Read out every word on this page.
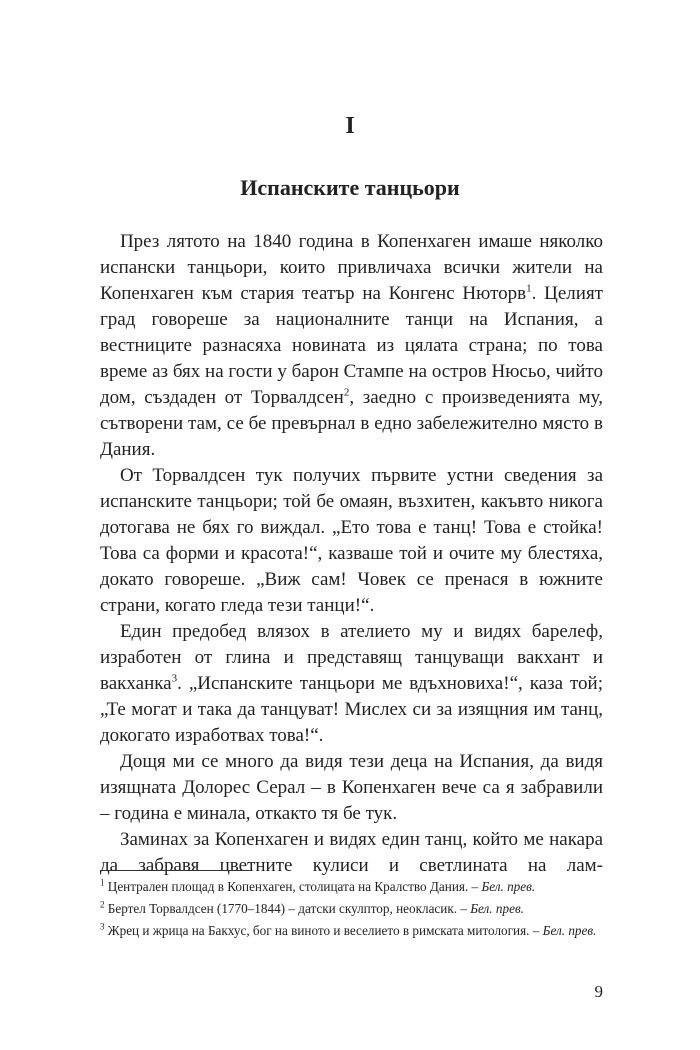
I
Испанските танцьори

През лятото на 1840 година в Копенхаген имаше няколко испански танцьори, които привличаха всички жители на Копенхаген към стария театър на Конгенс Нюторв$^1$. Целият град говореше за националните танци на Испания, а вестниците разнасяха новината из цялата страна; по това време аз бях на гости у барон Стампе на остров Нюсьо, чийто дом, създаден от Торвалдсен$^2$, заедно с произведенията му, сътворени там, се бе превърнал в едно забележително място в Дания.

От Торвалдсен тук получих първите устни сведения за испанските танцьори; той бе омаян, възхитен, какъвто никога дотогава не бях го виждал. „Ето това е танц! Това е стойка! Това са форми и красота!“, казваше той и очите му блестяха, докато говореше. „Виж сам! Човек се пренася в южните страни, когато гледа тези танци!“.

Един предобед влязох в ателието му и видях барелеф, изработен от глина и представящ танцуващи вакхант и вакханка$^3$. „Испанските танцьори ме вдъхновиха!“, каза той; „Те могат и така да танцуват! Мислех си за изящния им танц, докогато изработвах това!“.

Дощя ми се много да видя тези деца на Испания, да видя изящната Долорес Серал – в Копенхаген вече са я забравили – година е минала, откакто тя бе тук.

Заминах за Копенхаген и видях един танц, който ме накара да забравя цветните кулиси и светлината на лам-

$^1$ Централен площад в Копенхаген, столицата на Кралство Дания. – Бел. прев.

$^2$ Бертел Торвалдсен (1770–1844) – датски скулптор, неокласик. – Бел. прев.

$^3$ Жрец и жрица на Бакхус, бог на виното и веселието в римската митология. – Бел. прев.

9
